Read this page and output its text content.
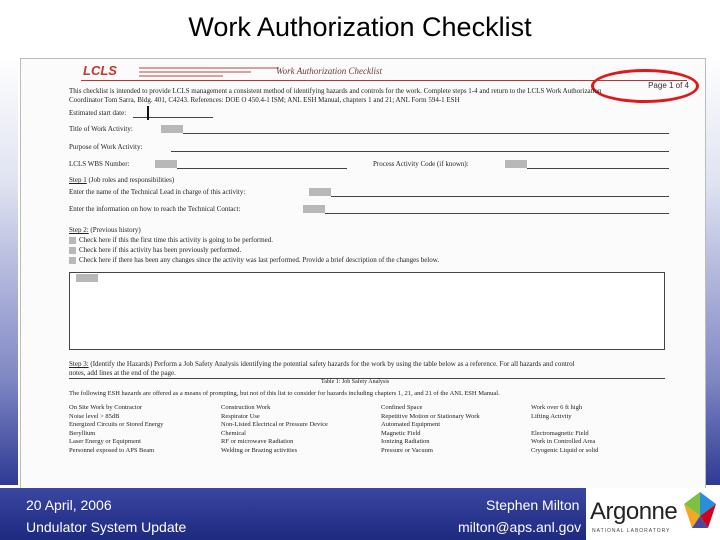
Work Authorization Checklist
LCLS	Work Authorization Checklist
Page 1 of 4
This checklist is intended to provide LCLS management a consistent method of identifying hazards and controls for the work. Complete steps 1-4 and return to the LCLS Work Authorization
Coordinator Tom Sarra, Bldg. 401, C4243. References: DOE O 450.4-1 ISM; ANL ESH Manual, chapters 1 and 21; ANL Form 594-1 ESH
Estimated start date:
Title of Work Activity:
Purpose of Work Activity:
LCLS WBS Number:	Process Activity Code (if known):
Step 1 (Job roles and responsibilities)
Enter the name of the Technical Lead in charge of this activity:
Enter the information on how to reach the Technical Contact:
Step 2: (Previous history)
Check here if this the first time this activity is going to be performed.
Check here if this activity has been previously performed.
Check here if there has been any changes since the activity was last performed. Provide a brief description of the changes below.
Step 3: (Identify the Hazards) Perform a Job Safety Analysis identifying the potential safety hazards for the work by using the table below as a reference. For all hazards and control
notes, add lines at the end of the page.
Table 1: Job Safety Analysis
The following ESH hazards are offered as a means of prompting, but not of this list to consider for hazards including chapters 1, 21, and 21 of the ANL ESH Manual.
On Site Work by Contractor
Noise level > 85dB
Energized Circuits or Stored Energy
Beryllium
Laser Energy or Equipment
Personnel exposed to APS Beam
Construction Work
Respirator Use
Non-Listed Electrical or Pressure Device
Chemical
RF or microwave Radiation
Welding or Brazing activities
Confined Space
Repetitive Motion or Stationary Work
Automated Equipment
Magnetic Field
Ionizing Radiation
Pressure or Vacuum
Work over 6 ft high
Lifting Activity

Electromagnetic Field
Work in Controlled Area
Cryogenic Liquid or solid
20 April, 2006
Undulator System Update
Stephen Milton
milton@aps.anl.gov
Argonne
NATIONAL LABORATORY
